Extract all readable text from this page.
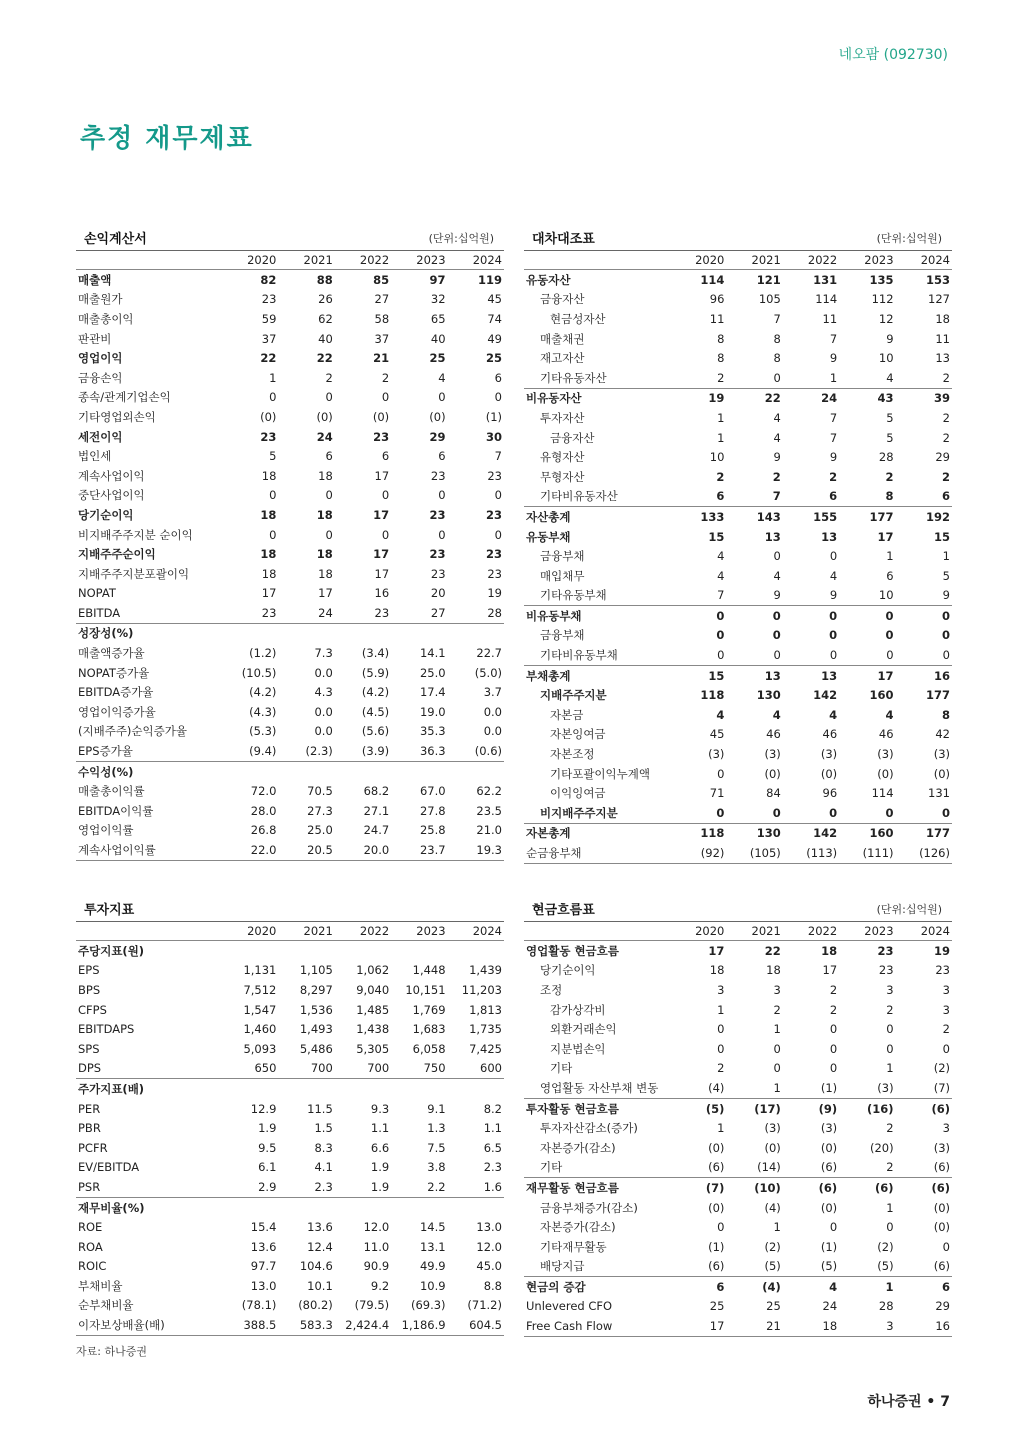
네오팜 (092730)
추정 재무제표
손익계산서	(단위:십억원)
	2020	2021	2022	2023	2024
매출액	82	88	85	97	119
매출원가	23	26	27	32	45
매출총이익	59	62	58	65	74
판관비	37	40	37	40	49
영업이익	22	22	21	25	25
금융손익	1	2	2	4	6
종속/관계기업손익	0	0	0	0	0
기타영업외손익	(0)	(0)	(0)	(0)	(1)
세전이익	23	24	23	29	30
법인세	5	6	6	6	7
계속사업이익	18	18	17	23	23
중단사업이익	0	0	0	0	0
당기순이익	18	18	17	23	23
비지배주주지분 순이익	0	0	0	0	0
지배주주순이익	18	18	17	23	23
지배주주지분포괄이익	18	18	17	23	23
NOPAT	17	17	16	20	19
EBITDA	23	24	23	27	28
성장성(%)					
매출액증가율	(1.2)	7.3	(3.4)	14.1	22.7
NOPAT증가율	(10.5)	0.0	(5.9)	25.0	(5.0)
EBITDA증가율	(4.2)	4.3	(4.2)	17.4	3.7
영업이익증가율	(4.3)	0.0	(4.5)	19.0	0.0
(지배주주)순익증가율	(5.3)	0.0	(5.6)	35.3	0.0
EPS증가율	(9.4)	(2.3)	(3.9)	36.3	(0.6)
수익성(%)					
매출총이익률	72.0	70.5	68.2	67.0	62.2
EBITDA이익률	28.0	27.3	27.1	27.8	23.5
영업이익률	26.8	25.0	24.7	25.8	21.0
계속사업이익률	22.0	20.5	20.0	23.7	19.3
대차대조표	(단위:십억원)
	2020	2021	2022	2023	2024
유동자산	114	121	131	135	153
금융자산	96	105	114	112	127
현금성자산	11	7	11	12	18
매출채권	8	8	7	9	11
재고자산	8	8	9	10	13
기타유동자산	2	0	1	4	2
비유동자산	19	22	24	43	39
투자자산	1	4	7	5	2
금융자산	1	4	7	5	2
유형자산	10	9	9	28	29
무형자산	2	2	2	2	2
기타비유동자산	6	7	6	8	6
자산총계	133	143	155	177	192
유동부채	15	13	13	17	15
금융부채	4	0	0	1	1
매입채무	4	4	4	6	5
기타유동부채	7	9	9	10	9
비유동부채	0	0	0	0	0
금융부채	0	0	0	0	0
기타비유동부채	0	0	0	0	0
부채총계	15	13	13	17	16
지배주주지분	118	130	142	160	177
자본금	4	4	4	4	8
자본잉여금	45	46	46	46	42
자본조정	(3)	(3)	(3)	(3)	(3)
기타포괄이익누계액	0	(0)	(0)	(0)	(0)
이익잉여금	71	84	96	114	131
비지배주주지분	0	0	0	0	0
자본총계	118	130	142	160	177
순금융부채	(92)	(105)	(113)	(111)	(126)
투자지표
	2020	2021	2022	2023	2024
주당지표(원)					
EPS	1,131	1,105	1,062	1,448	1,439
BPS	7,512	8,297	9,040	10,151	11,203
CFPS	1,547	1,536	1,485	1,769	1,813
EBITDAPS	1,460	1,493	1,438	1,683	1,735
SPS	5,093	5,486	5,305	6,058	7,425
DPS	650	700	700	750	600
주가지표(배)					
PER	12.9	11.5	9.3	9.1	8.2
PBR	1.9	1.5	1.1	1.3	1.1
PCFR	9.5	8.3	6.6	7.5	6.5
EV/EBITDA	6.1	4.1	1.9	3.8	2.3
PSR	2.9	2.3	1.9	2.2	1.6
재무비율(%)					
ROE	15.4	13.6	12.0	14.5	13.0
ROA	13.6	12.4	11.0	13.1	12.0
ROIC	97.7	104.6	90.9	49.9	45.0
부채비율	13.0	10.1	9.2	10.9	8.8
순부채비율	(78.1)	(80.2)	(79.5)	(69.3)	(71.2)
이자보상배율(배)	388.5	583.3	2,424.4	1,186.9	604.5
현금흐름표	(단위:십억원)
	2020	2021	2022	2023	2024
영업활동 현금흐름	17	22	18	23	19
당기순이익	18	18	17	23	23
조정	3	3	2	3	3
감가상각비	1	2	2	2	3
외환거래손익	0	1	0	0	2
지분법손익	0	0	0	0	0
기타	2	0	0	1	(2)
영업활동 자산부채 변동	(4)	1	(1)	(3)	(7)
투자활동 현금흐름	(5)	(17)	(9)	(16)	(6)
투자자산감소(증가)	1	(3)	(3)	2	3
자본증가(감소)	(0)	(0)	(0)	(20)	(3)
기타	(6)	(14)	(6)	2	(6)
재무활동 현금흐름	(7)	(10)	(6)	(6)	(6)
금융부채증가(감소)	(0)	(4)	(0)	1	(0)
자본증가(감소)	0	1	0	0	(0)
기타재무활동	(1)	(2)	(1)	(2)	0
배당지급	(6)	(5)	(5)	(5)	(6)
현금의 증감	6	(4)	4	1	6
Unlevered CFO	25	25	24	28	29
Free Cash Flow	17	21	18	3	16
자료: 하나증권
하나증권 • 7
